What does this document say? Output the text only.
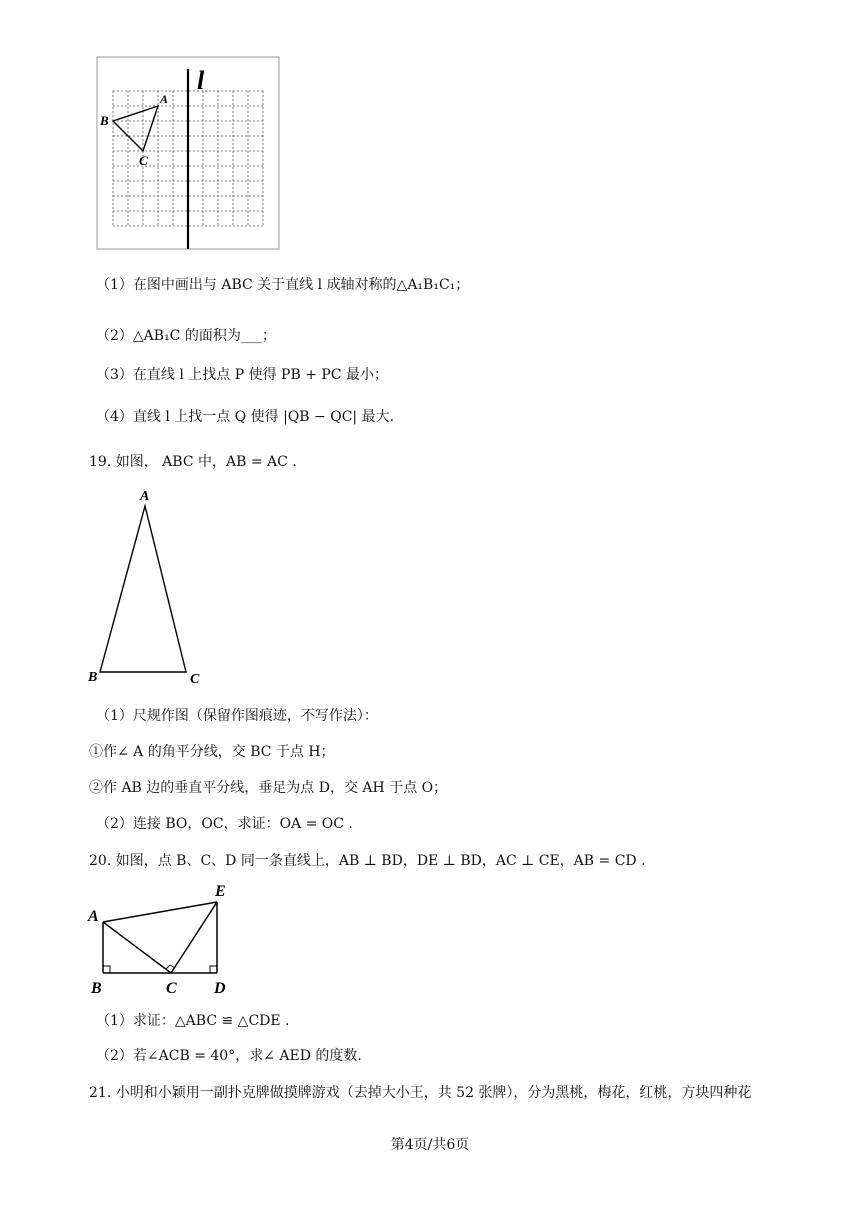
l
A
B
C
（1）在图中画出与 ABC 关于直线 l 成轴对称的△A₁B₁C₁；
（2）△AB₁C 的面积为___；
（3）在直线 l 上找点 P 使得 PB + PC 最小；
（4）直线 l 上找一点 Q 使得 |QB − QC| 最大.
19. 如图， ABC 中，AB = AC .
A
B	C
（1）尺规作图（保留作图痕迹，不写作法）：
①作∠ A 的角平分线，交 BC 于点 H；
②作 AB 边的垂直平分线，垂足为点 D，交 AH 于点 O；
（2）连接 BO，OC，求证：OA = OC .
20. 如图，点 B、C、D 同一条直线上，AB ⊥ BD，DE ⊥ BD，AC ⊥ CE，AB = CD .
E
A
B	C D
（1）求证：△ABC ≌ △CDE .
（2）若∠ACB = 40°，求∠ AED 的度数.
21. 小明和小颖用一副扑克牌做摸牌游戏（去掉大小王，共 52 张牌），分为黑桃，梅花，红桃，方块四种花
第4页/共6页
